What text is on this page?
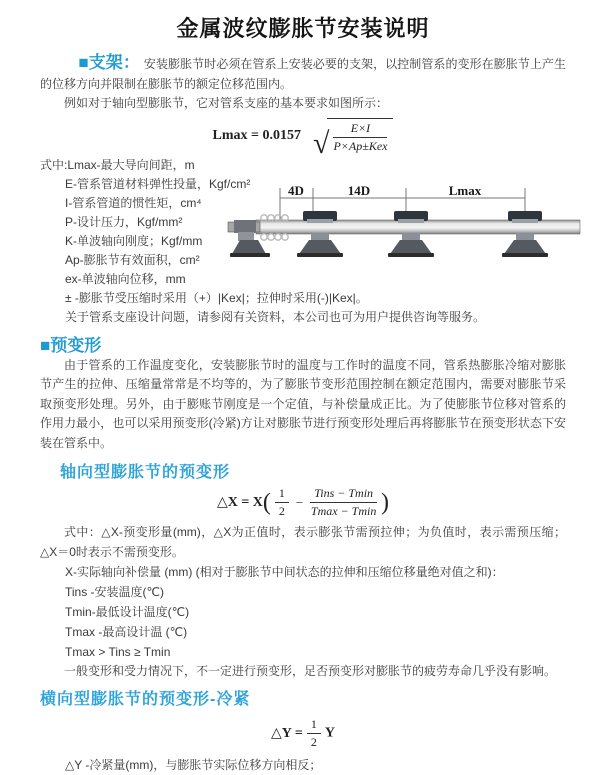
金属波纹膨胀节安装说明

■支架： 安装膨胀节时必须在管系上安装必要的支架，以控制管系的变形在膨胀节上产生的位移方向并限制在膨胀节的额定位移范围内。

例如对于轴向型膨胀节，它对管系支座的基本要求如图所示：

Lmax = 0.0157 √ $\frac{E\times I}{\text{P×Ap±Kex}}$
式中:Lmax-最大导向间距，m
E-管系管道材料弹性投量，Kgf/cm²
I-管系管道的惯性矩，cm⁴
P-设计压力，Kgf/mm²
K-单波轴向刚度；Kgf/mm
Ap-膨胀节有效面积，cm²
ex-单波轴向位移，mm
± -膨胀节受压缩时采用（+）|Kex|；拉伸时采用(-)|Kex|。
关于管系支座设计问题，请参阅有关资料，本公司也可为用户提供咨询等服务。
4D	14D	Lmax
■预变形

由于管系的工作温度变化，安装膨胀节时的温度与工作时的温度不同，管系热膨胀冷缩对膨胀节产生的拉伸、压缩量常常是不均等的，为了膨胀节变形范围控制在额定范围内，需要对膨胀节采取预变形处理。另外，由于膨账节刚度是一个定值，与补偿量成正比。为了使膨胀节位移对管系的作用力最小，也可以采用预变形(冷紧)方让对膨胀节进行预变形处理后再将膨胀节在预变形状态下安装在管系中。

轴向型膨胀节的预变形
△X = $X( \frac{1}{2} - \frac{\text{Tins − Tmin}}{Tmax - Tmin}$ )

式中：△X-预变形量(mm)，△X为正值时，表示膨张节需预拉伸；为负值时，表示需预压缩；△X＝0时表示不需预变形。

X-实际轴向补偿量 (mm) (相对于膨胀节中间状态的拉伸和压缩位移量绝对值之和)：
Tins -安装温度(℃)
Tmin-最低设计温度(℃)
Tmax -最高设计温 (℃)
Tmax > Tins ≥ Tmin

一般变形和受力情况下，不一定进行预变形，足否预变形对膨胀节的疲劳寿命几乎没有影响。

横向型膨胀节的预变形-冷紧
△Y = $\frac{1}{2}$ Y

△Y -冷紧量(mm)，与膨胀节实际位移方向相反；
